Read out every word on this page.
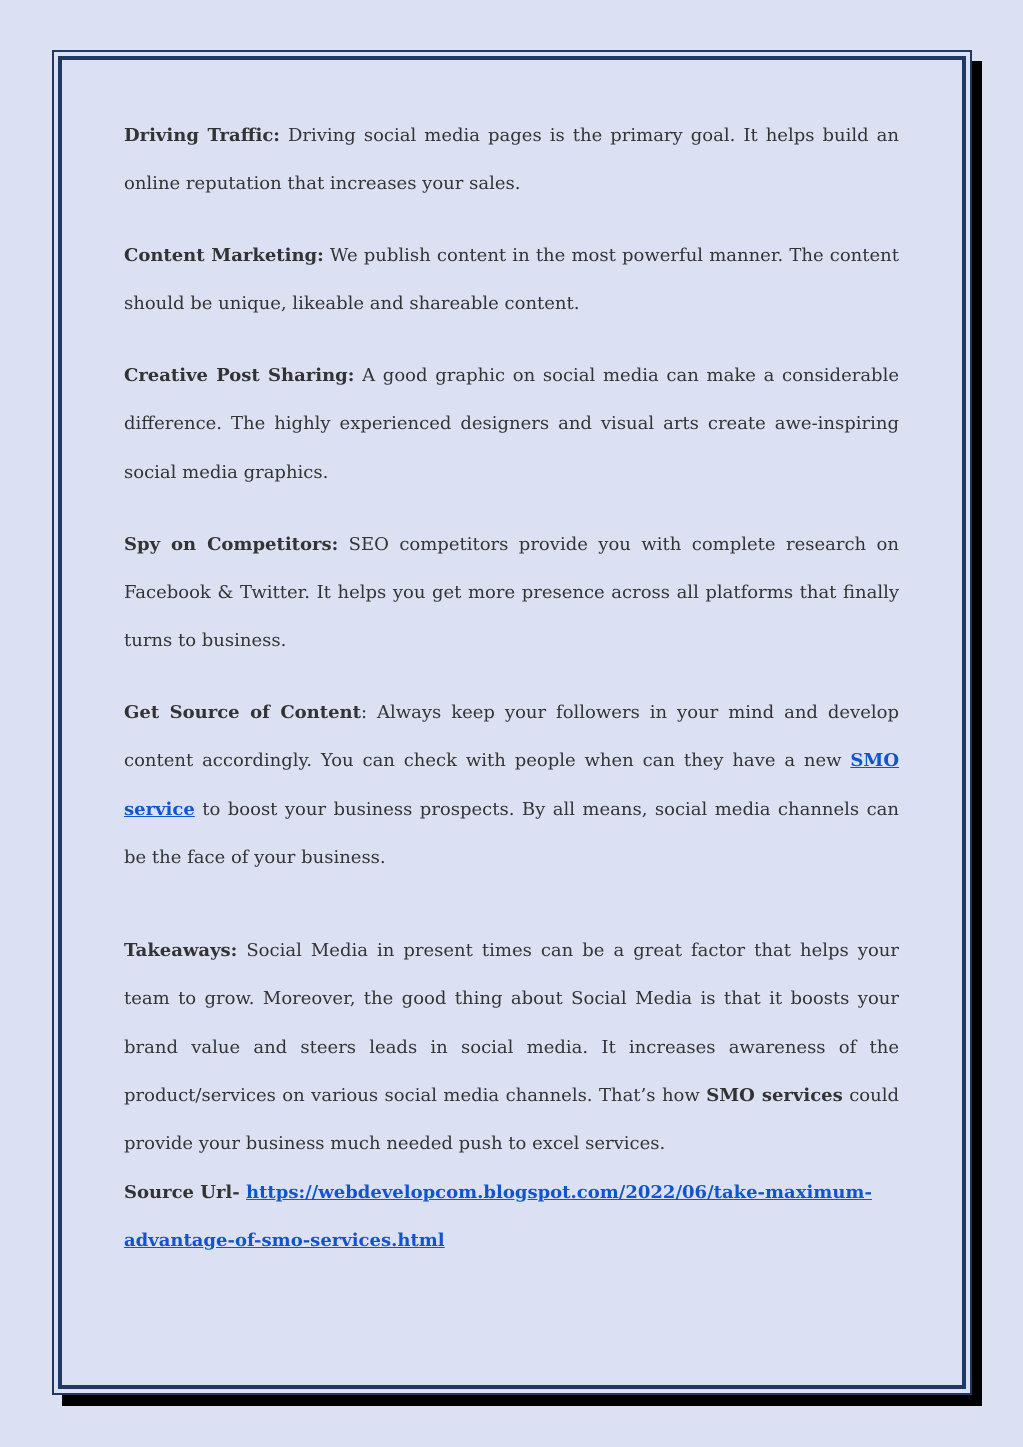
Driving Traffic: Driving social media pages is the primary goal. It helps build an online reputation that increases your sales.

Content Marketing: We publish content in the most powerful manner. The content should be unique, likeable and shareable content.

Creative Post Sharing: A good graphic on social media can make a considerable difference. The highly experienced designers and visual arts create awe-inspiring social media graphics.

Spy on Competitors: SEO competitors provide you with complete research on Facebook & Twitter. It helps you get more presence across all platforms that finally turns to business.

Get Source of Content: Always keep your followers in your mind and develop content accordingly. You can check with people when can they have a new SMO service to boost your business prospects. By all means, social media channels can be the face of your business.

Takeaways: Social Media in present times can be a great factor that helps your team to grow. Moreover, the good thing about Social Media is that it boosts your brand value and steers leads in social media. It increases awareness of the product/services on various social media channels. That’s how SMO services could provide your business much needed push to excel services.

Source Url- https://webdevelopcom.blogspot.com/2022/06/take-maximum-advantage-of-smo-services.html
